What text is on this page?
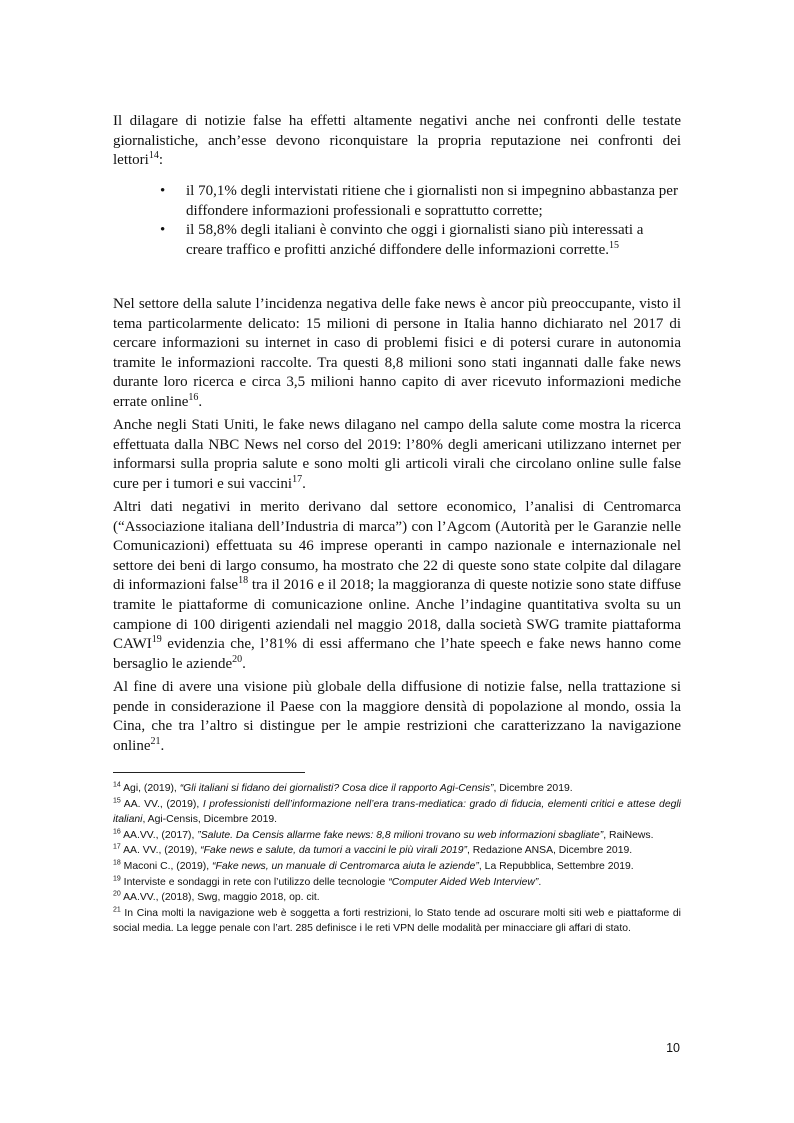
Il dilagare di notizie false ha effetti altamente negativi anche nei confronti delle testate giornalistiche, anch’esse devono riconquistare la propria reputazione nei confronti dei lettori$^{14}$:

• il 70,1% degli intervistati ritiene che i giornalisti non si impegnino abbastanza per diffondere informazioni professionali e soprattutto corrette;
• il 58,8% degli italiani è convinto che oggi i giornalisti siano più interessati a creare traffico e profitti anziché diffondere delle informazioni corrette.$^{15}$

Nel settore della salute l’incidenza negativa delle fake news è ancor più preoccupante, visto il tema particolarmente delicato: 15 milioni di persone in Italia hanno dichiarato nel 2017 di cercare informazioni su internet in caso di problemi fisici e di potersi curare in autonomia tramite le informazioni raccolte. Tra questi 8,8 milioni sono stati ingannati dalle fake news durante loro ricerca e circa 3,5 milioni hanno capito di aver ricevuto informazioni mediche errate online$^{16}$.

Anche negli Stati Uniti, le fake news dilagano nel campo della salute come mostra la ricerca effettuata dalla NBC News nel corso del 2019: l’80% degli americani utilizzano internet per informarsi sulla propria salute e sono molti gli articoli virali che circolano online sulle false cure per i tumori e sui vaccini$^{17}$.

Altri dati negativi in merito derivano dal settore economico, l’analisi di Centromarca (“Associazione italiana dell’Industria di marca”) con l’Agcom (Autorità per le Garanzie nelle Comunicazioni) effettuata su 46 imprese operanti in campo nazionale e internazionale nel settore dei beni di largo consumo, ha mostrato che 22 di queste sono state colpite dal dilagare di informazioni false$^{18}$ tra il 2016 e il 2018; la maggioranza di queste notizie sono state diffuse tramite le piattaforme di comunicazione online. Anche l’indagine quantitativa svolta su un campione di 100 dirigenti aziendali nel maggio 2018, dalla società SWG tramite piattaforma CAWI$^{19}$ evidenzia che, l’81% di essi affermano che l’hate speech e fake news hanno come bersaglio le aziende$^{20}$.

Al fine di avere una visione più globale della diffusione di notizie false, nella trattazione si pende in considerazione il Paese con la maggiore densità di popolazione al mondo, ossia la Cina, che tra l’altro si distingue per le ampie restrizioni che caratterizzano la navigazione online$^{21}$.

$^{14}$ Agi, (2019), “Gli italiani si fidano dei giornalisti? Cosa dice il rapporto Agi-Censis”, Dicembre 2019.

$^{15}$ AA. VV., (2019), I professionisti dell’informazione nell’era trans-mediatica: grado di fiducia, elementi critici e attese degli italiani, Agi-Censis, Dicembre 2019.

$^{16}$ AA.VV., (2017), ”Salute. Da Censis allarme fake news: 8,8 milioni trovano su web informazioni sbagliate”, RaiNews.

$^{17}$ AA. VV., (2019), “Fake news e salute, da tumori a vaccini le più virali 2019”, Redazione ANSA, Dicembre 2019.

$^{18}$ Maconi C., (2019), “Fake news, un manuale di Centromarca aiuta le aziende”, La Repubblica, Settembre 2019.

$^{19}$ Interviste e sondaggi in rete con l’utilizzo delle tecnologie “Computer Aided Web Interview”.

$^{20}$ AA.VV., (2018), Swg, maggio 2018, op. cit.

$^{21}$ In Cina molti la navigazione web è soggetta a forti restrizioni, lo Stato tende ad oscurare molti siti web e piattaforme di social media. La legge penale con l’art. 285 definisce i le reti VPN delle modalità per minacciare gli affari di stato.

10
